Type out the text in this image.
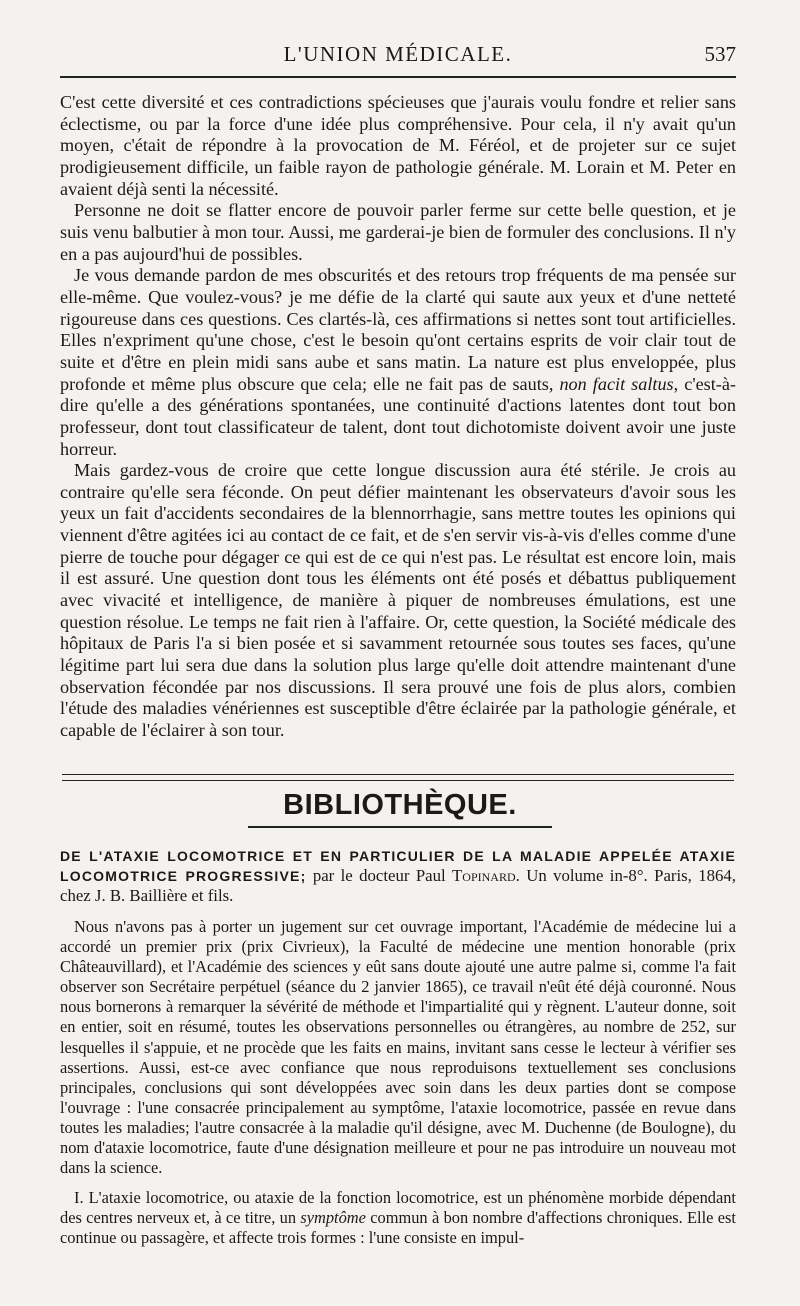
L'UNION MÉDICALE.	537

C'est cette diversité et ces contradictions spécieuses que j'aurais voulu fondre et relier sans éclectisme, ou par la force d'une idée plus compréhensive. Pour cela, il n'y avait qu'un moyen, c'était de répondre à la provocation de M. Féréol, et de projeter sur ce sujet prodigieusement difficile, un faible rayon de pathologie générale. M. Lorain et M. Peter en avaient déjà senti la nécessité.

Personne ne doit se flatter encore de pouvoir parler ferme sur cette belle question, et je suis venu balbutier à mon tour. Aussi, me garderai-je bien de formuler des conclusions. Il n'y en a pas aujourd'hui de possibles.

Je vous demande pardon de mes obscurités et des retours trop fréquents de ma pensée sur elle-même. Que voulez-vous? je me défie de la clarté qui saute aux yeux et d'une netteté rigoureuse dans ces questions. Ces clartés-là, ces affirmations si nettes sont tout artificielles. Elles n'expriment qu'une chose, c'est le besoin qu'ont certains esprits de voir clair tout de suite et d'être en plein midi sans aube et sans matin. La nature est plus enveloppée, plus profonde et même plus obscure que cela; elle ne fait pas de sauts, non facit saltus, c'est-à-dire qu'elle a des générations spontanées, une continuité d'actions latentes dont tout bon professeur, dont tout classificateur de talent, dont tout dichotomiste doivent avoir une juste horreur.

Mais gardez-vous de croire que cette longue discussion aura été stérile. Je crois au contraire qu'elle sera féconde. On peut défier maintenant les observateurs d'avoir sous les yeux un fait d'accidents secondaires de la blennorrhagie, sans mettre toutes les opinions qui viennent d'être agitées ici au contact de ce fait, et de s'en servir vis-à-vis d'elles comme d'une pierre de touche pour dégager ce qui est de ce qui n'est pas. Le résultat est encore loin, mais il est assuré. Une question dont tous les éléments ont été posés et débattus publiquement avec vivacité et intelligence, de manière à piquer de nombreuses émulations, est une question résolue. Le temps ne fait rien à l'affaire. Or, cette question, la Société médicale des hôpitaux de Paris l'a si bien posée et si savamment retournée sous toutes ses faces, qu'une légitime part lui sera due dans la solution plus large qu'elle doit attendre maintenant d'une observation fécondée par nos discussions. Il sera prouvé une fois de plus alors, combien l'étude des maladies vénériennes est susceptible d'être éclairée par la pathologie générale, et capable de l'éclairer à son tour.

BIBLIOTHÈQUE.
DE L'ATAXIE LOCOMOTRICE ET EN PARTICULIER DE LA MALADIE APPELÉE ATAXIE LOCOMOTRICE PROGRESSIVE; par le docteur Paul Topinard. Un volume in-8°. Paris, 1864, chez J. B. Baillière et fils.

Nous n'avons pas à porter un jugement sur cet ouvrage important, l'Académie de médecine lui a accordé un premier prix (prix Civrieux), la Faculté de médecine une mention honorable (prix Châteauvillard), et l'Académie des sciences y eût sans doute ajouté une autre palme si, comme l'a fait observer son Secrétaire perpétuel (séance du 2 janvier 1865), ce travail n'eût été déjà couronné. Nous nous bornerons à remarquer la sévérité de méthode et l'impartialité qui y règnent. L'auteur donne, soit en entier, soit en résumé, toutes les observations personnelles ou étrangères, au nombre de 252, sur lesquelles il s'appuie, et ne procède que les faits en mains, invitant sans cesse le lecteur à vérifier ses assertions. Aussi, est-ce avec confiance que nous reproduisons textuellement ses conclusions principales, conclusions qui sont développées avec soin dans les deux parties dont se compose l'ouvrage : l'une consacrée principalement au symptôme, l'ataxie locomotrice, passée en revue dans toutes les maladies; l'autre consacrée à la maladie qu'il désigne, avec M. Duchenne (de Boulogne), du nom d'ataxie locomotrice, faute d'une désignation meilleure et pour ne pas introduire un nouveau mot dans la science.

I. L'ataxie locomotrice, ou ataxie de la fonction locomotrice, est un phénomène morbide dépendant des centres nerveux et, à ce titre, un symptôme commun à bon nombre d'affections chroniques. Elle est continue ou passagère, et affecte trois formes : l'une consiste en impul-
